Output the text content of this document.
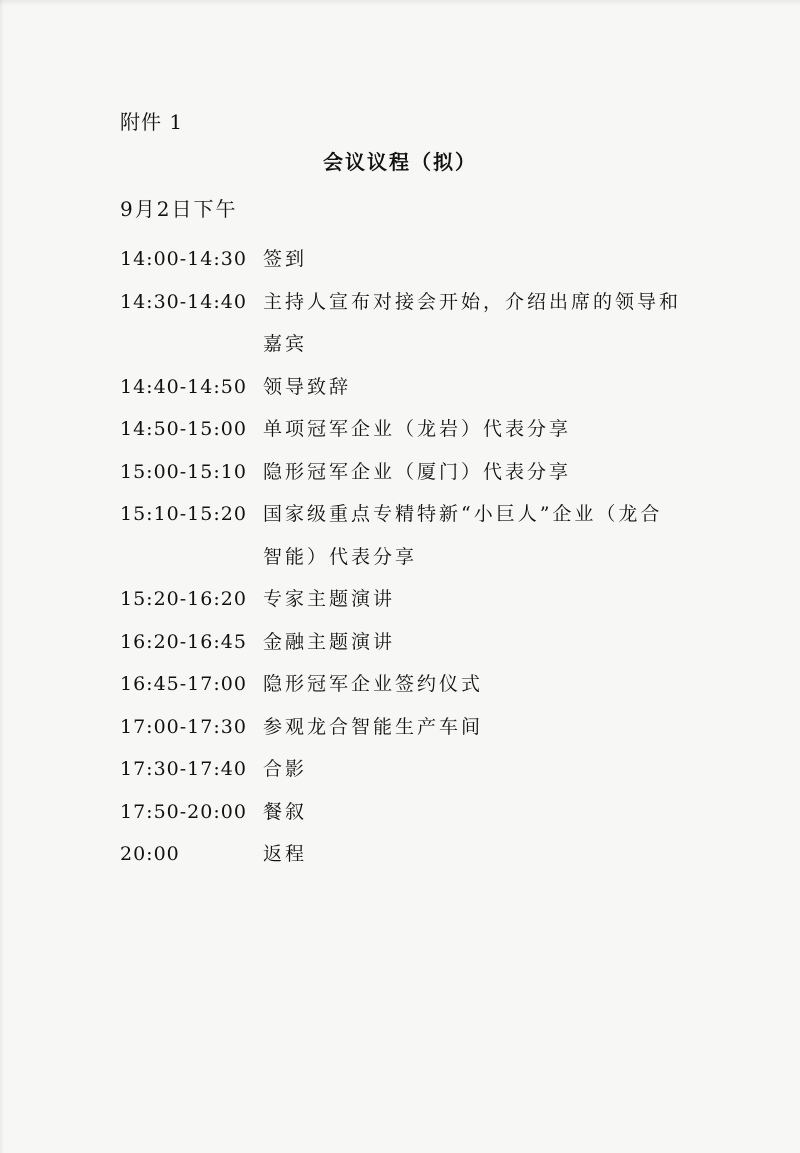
附件 1
会议议程（拟）
9月2日下午
14:00-14:30 签到
14:30-14:40 主持人宣布对接会开始，介绍出席的领导和
嘉宾
14:40-14:50 领导致辞
14:50-15:00 单项冠军企业（龙岩）代表分享
15:00-15:10 隐形冠军企业（厦门）代表分享
15:10-15:20 国家级重点专精特新“小巨人”企业（龙合
智能）代表分享
15:20-16:20 专家主题演讲
16:20-16:45 金融主题演讲
16:45-17:00 隐形冠军企业签约仪式
17:00-17:30 参观龙合智能生产车间
17:30-17:40 合影
17:50-20:00 餐叙
20:00	返程
